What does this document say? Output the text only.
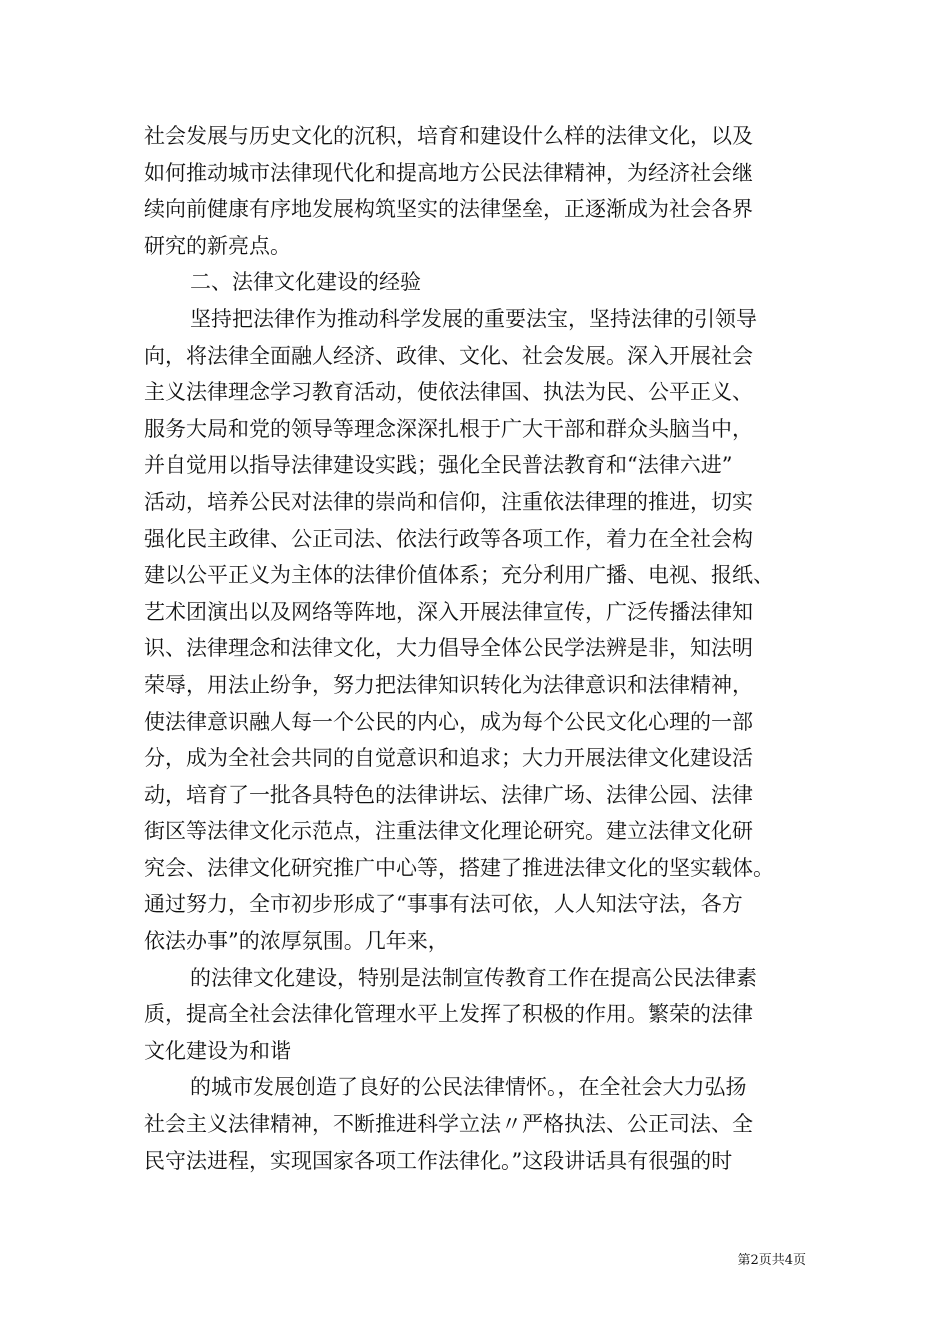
社会发展与历史文化的沉积，培育和建设什么样的法律文化，以及
如何推动城市法律现代化和提高地方公民法律精神，为经济社会继
续向前健康有序地发展构筑坚实的法律堡垒，正逐渐成为社会各界
研究的新亮点。
二、法律文化建设的经验
坚持把法律作为推动科学发展的重要法宝，坚持法律的引领导
向，将法律全面融人经济、政律、文化、社会发展。深入开展社会
主义法律理念学习教育活动，使依法律国、执法为民、公平正义、
服务大局和党的领导等理念深深扎根于广大干部和群众头脑当中，
并自觉用以指导法律建设实践；强化全民普法教育和“法律六进”
活动，培养公民对法律的崇尚和信仰，注重依法律理的推进，切实
强化民主政律、公正司法、依法行政等各项工作，着力在全社会构
建以公平正义为主体的法律价值体系；充分利用广播、电视、报纸、
艺术团演出以及网络等阵地，深入开展法律宣传，广泛传播法律知
识、法律理念和法律文化，大力倡导全体公民学法辨是非，知法明
荣辱，用法止纷争，努力把法律知识转化为法律意识和法律精神，
使法律意识融人每一个公民的内心，成为每个公民文化心理的一部
分，成为全社会共同的自觉意识和追求；大力开展法律文化建设活
动，培育了一批各具特色的法律讲坛、法律广场、法律公园、法律
街区等法律文化示范点，注重法律文化理论研究。建立法律文化研
究会、法律文化研究推广中心等，搭建了推进法律文化的坚实载体。
通过努力，全市初步形成了“事事有法可依，人人知法守法，各方
依法办事”的浓厚氛围。几年来，
的法律文化建设，特别是法制宣传教育工作在提高公民法律素
质，提高全社会法律化管理水平上发挥了积极的作用。繁荣的法律
文化建设为和谐
的城市发展创造了良好的公民法律情怀。，在全社会大力弘扬
社会主义法律精神，不断推进科学立法〃严格执法、公正司法、全
民守法进程，实现国家各项工作法律化。”这段讲话具有很强的时
第2页共4页
